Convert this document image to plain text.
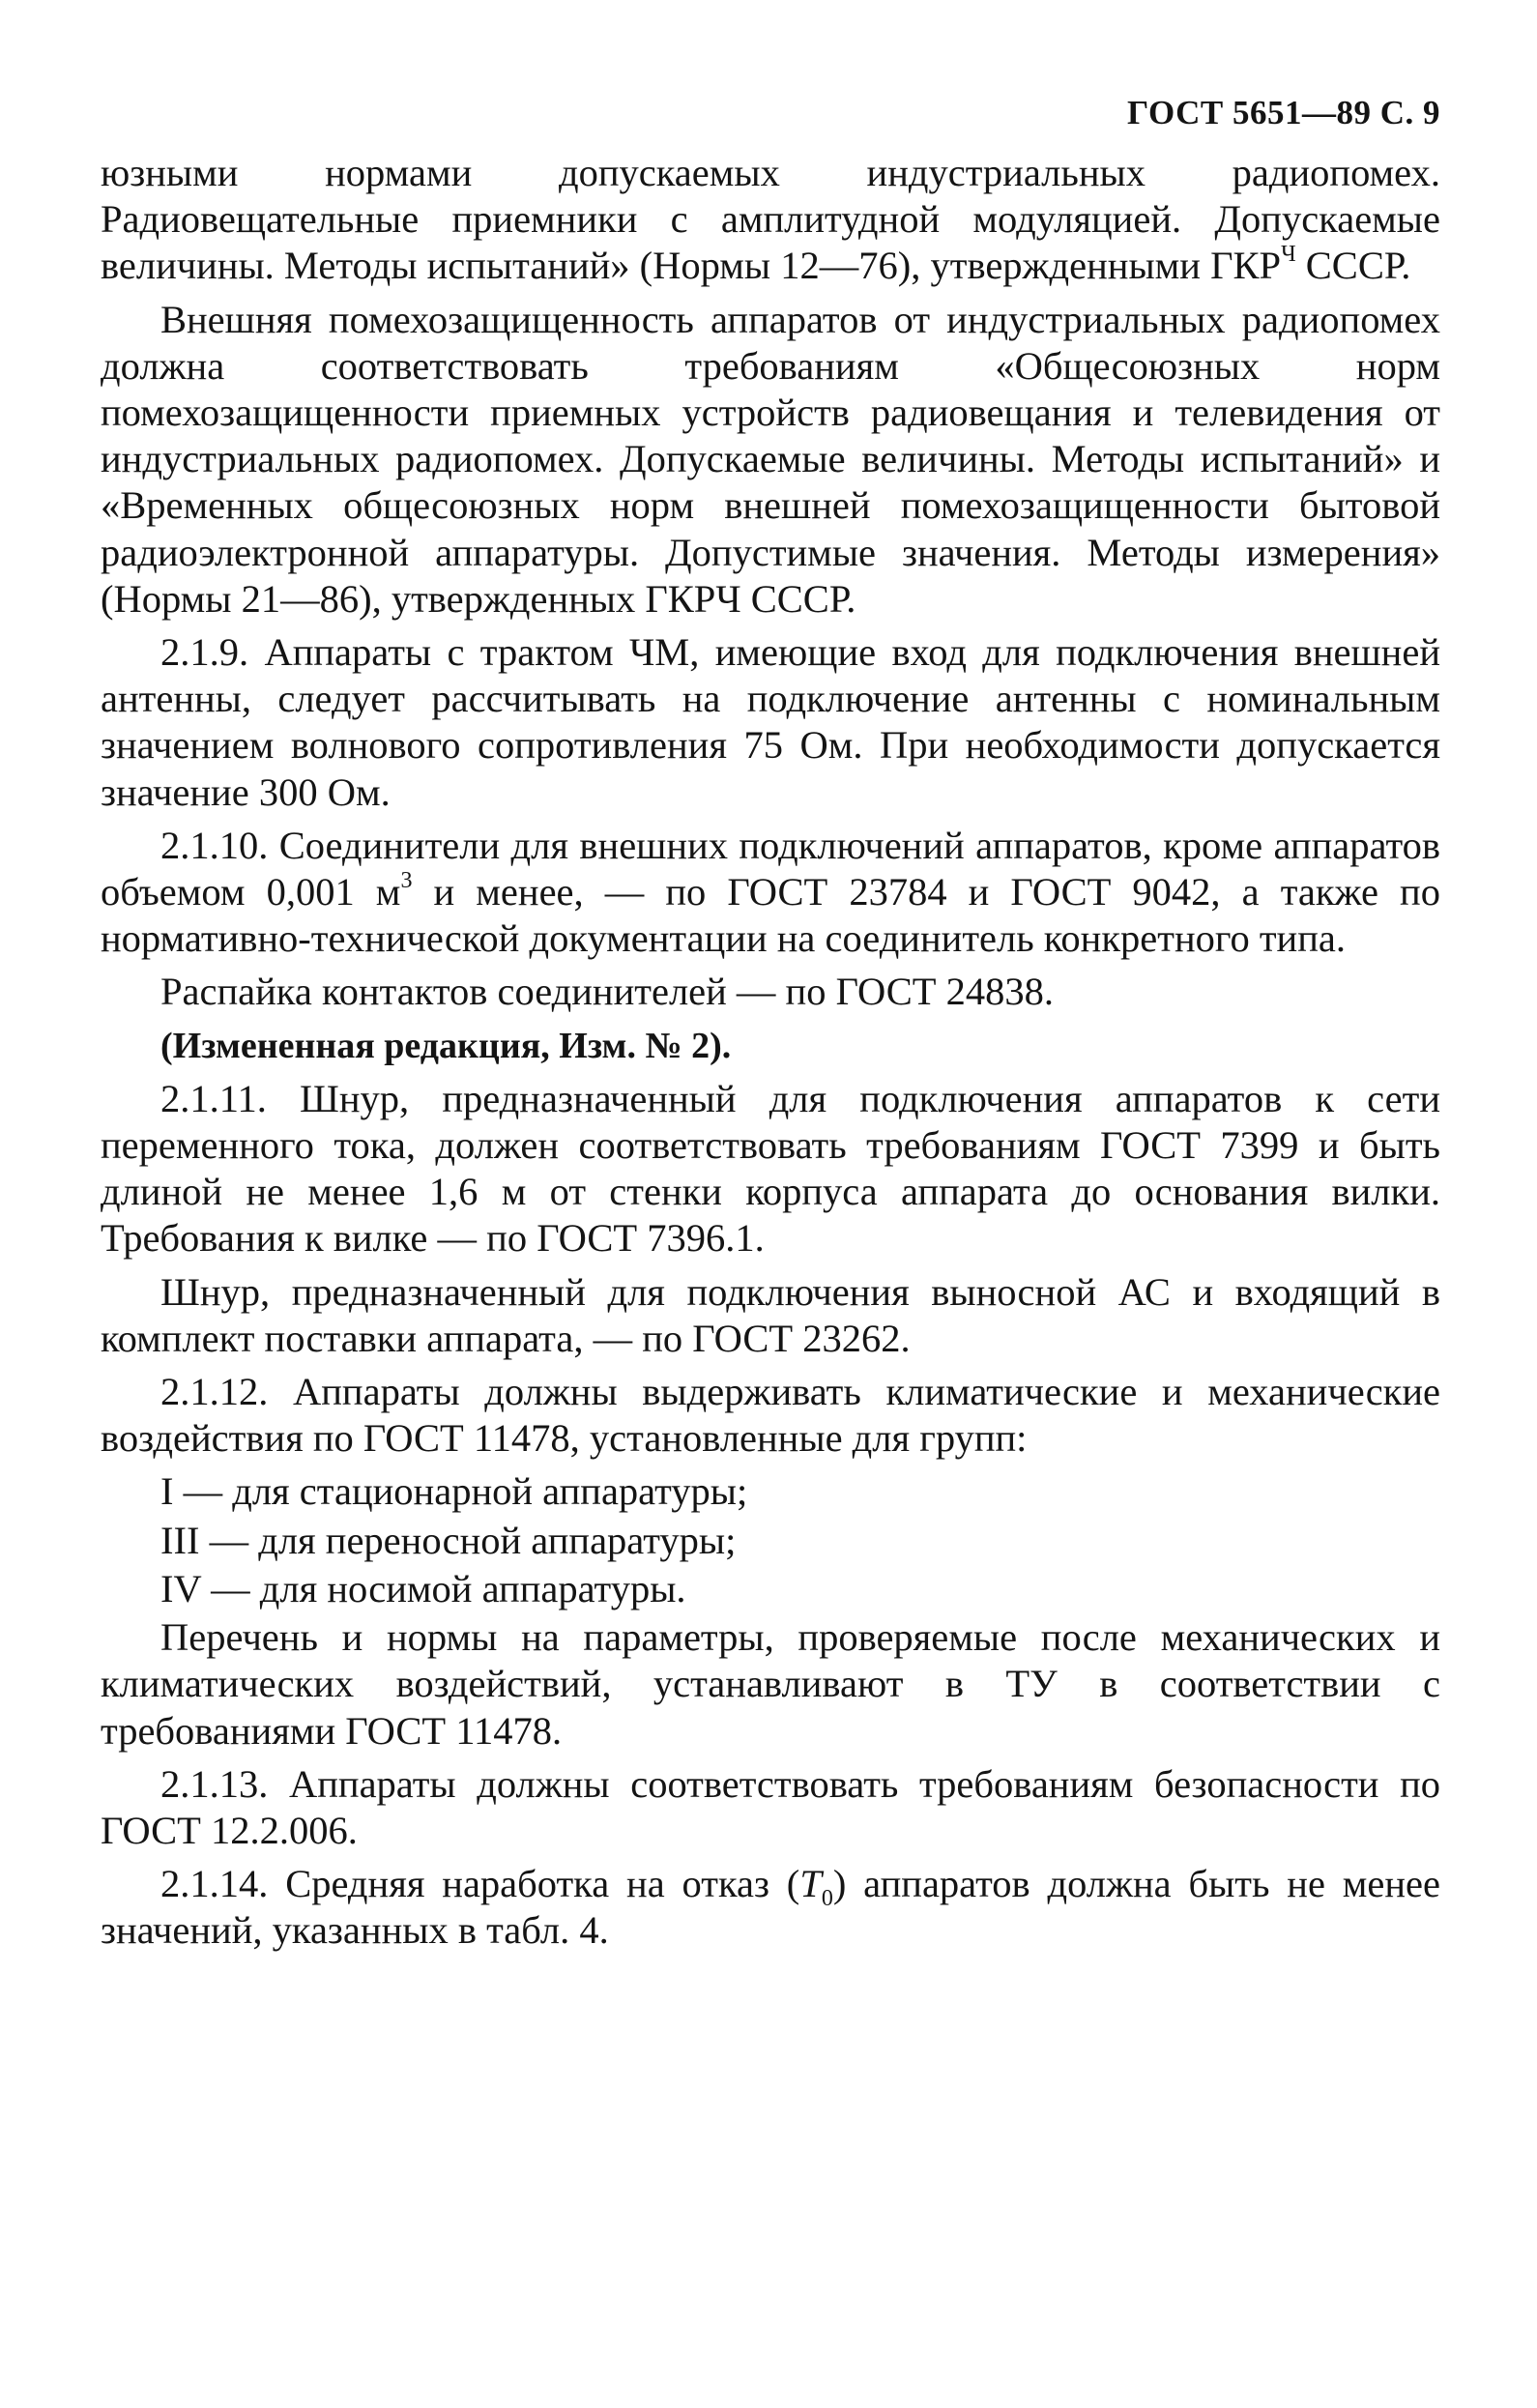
ГОСТ 5651—89 С. 9

юзными нормами допускаемых индустриальных радиопомех. Радиовещательные приемники с амплитудной модуляцией. Допускаемые величины. Методы испытаний» (Нормы 12—76), утвержденными $ГКР^Ч$ СССР.

Внешняя помехозащищенность аппаратов от индустриальных радиопомех должна соответствовать требованиям «Общесоюзных норм помехозащищенности приемных устройств радиовещания и телевидения от индустриальных радиопомех. Допускаемые величины. Методы испытаний» и «Временных общесоюзных норм внешней помехозащищенности бытовой радиоэлектронной аппаратуры. Допустимые значения. Методы измерения» (Нормы 21—86), утвержденных ГКРЧ СССР.

2.1.9. Аппараты с трактом ЧМ, имеющие вход для подключения внешней антенны, следует рассчитывать на подключение антенны с номинальным значением волнового сопротивления 75 Ом. При необходимости допускается значение 300 Ом.

2.1.10. Соединители для внешних подключений аппаратов, кроме аппаратов объемом 0,001 $м^3$ и менее, — по ГОСТ 23784 и ГОСТ 9042, а также по нормативно-технической документации на соединитель конкретного типа.

Распайка контактов соединителей — по ГОСТ 24838.

(Измененная редакция, Изм. № 2).

2.1.11. Шнур, предназначенный для подключения аппаратов к сети переменного тока, должен соответствовать требованиям ГОСТ 7399 и быть длиной не менее 1,6 м от стенки корпуса аппарата до основания вилки. Требования к вилке — по ГОСТ 7396.1.

Шнур, предназначенный для подключения выносной АС и входящий в комплект поставки аппарата, — по ГОСТ 23262.

2.1.12. Аппараты должны выдерживать климатические и механические воздействия по ГОСТ 11478, установленные для групп:

I — для стационарной аппаратуры;

III — для переносной аппаратуры;

IV — для носимой аппаратуры.

Перечень и нормы на параметры, проверяемые после механических и климатических воздействий, устанавливают в ТУ в соответствии с требованиями ГОСТ 11478.

2.1.13. Аппараты должны соответствовать требованиям безопасности по ГОСТ 12.2.006.

2.1.14. Средняя наработка на отказ $(T_0)$ аппаратов должна быть не менее значений, указанных в табл. 4.
